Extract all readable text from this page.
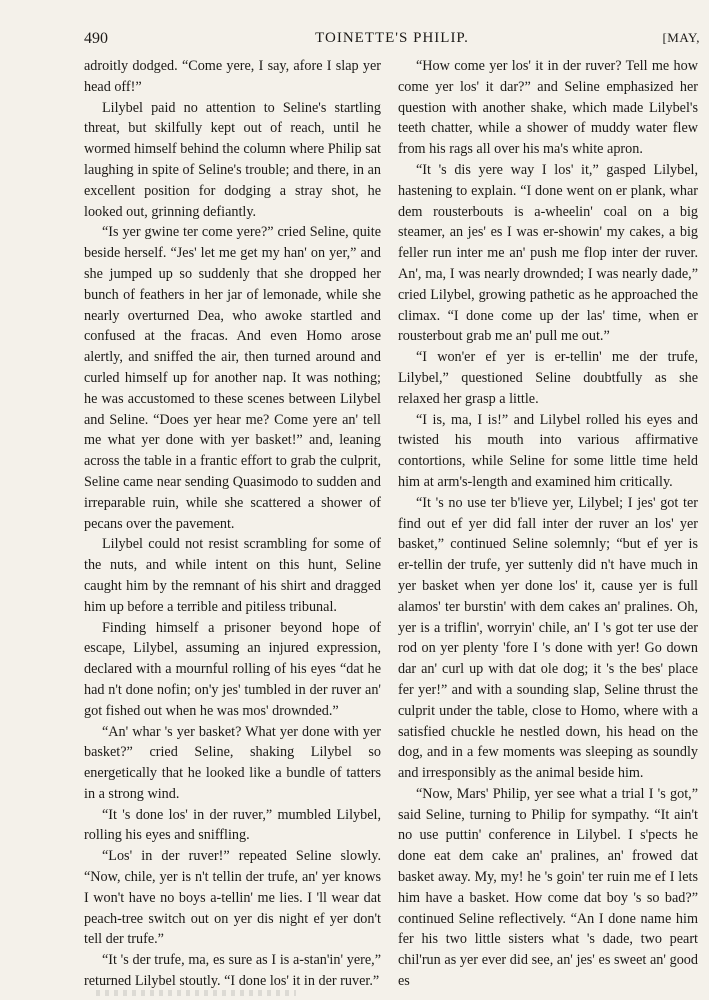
490	TOINETTE'S PHILIP.	[MAY,

adroitly dodged. “Come yere, I say, afore I slap yer head off!”

Lilybel paid no attention to Seline's startling threat, but skilfully kept out of reach, until he wormed himself behind the column where Philip sat laughing in spite of Seline's trouble; and there, in an excellent position for dodging a stray shot, he looked out, grinning defiantly.

“Is yer gwine ter come yere?” cried Seline, quite beside herself. “Jes' let me get my han' on yer,” and she jumped up so suddenly that she dropped her bunch of feathers in her jar of lemonade, while she nearly overturned Dea, who awoke startled and confused at the fracas. And even Homo arose alertly, and sniffed the air, then turned around and curled himself up for another nap. It was nothing; he was accustomed to these scenes between Lilybel and Seline. “Does yer hear me? Come yere an' tell me what yer done with yer basket!” and, leaning across the table in a frantic effort to grab the culprit, Seline came near sending Quasimodo to sudden and irreparable ruin, while she scattered a shower of pecans over the pavement.

Lilybel could not resist scrambling for some of the nuts, and while intent on this hunt, Seline caught him by the remnant of his shirt and dragged him up before a terrible and pitiless tribunal.

Finding himself a prisoner beyond hope of escape, Lilybel, assuming an injured expression, declared with a mournful rolling of his eyes “dat he had n't done nofin; on'y jes' tumbled in der ruver an' got fished out when he was mos' drownded.”

“An' whar 's yer basket? What yer done with yer basket?” cried Seline, shaking Lilybel so energetically that he looked like a bundle of tatters in a strong wind.

“It 's done los' in der ruver,” mumbled Lilybel, rolling his eyes and sniffling.

“Los' in der ruver!” repeated Seline slowly. “Now, chile, yer is n't tellin der trufe, an' yer knows I won't have no boys a-tellin' me lies. I 'll wear dat peach-tree switch out on yer dis night ef yer don't tell der trufe.”

“It 's der trufe, ma, es sure as I is a-stan'in' yere,” returned Lilybel stoutly. “I done los' it in der ruver.”

“How come yer los' it in der ruver? Tell me how come yer los' it dar?” and Seline emphasized her question with another shake, which made Lilybel's teeth chatter, while a shower of muddy water flew from his rags all over his ma's white apron.

“It 's dis yere way I los' it,” gasped Lilybel, hastening to explain. “I done went on er plank, whar dem rousterbouts is a-wheelin' coal on a big steamer, an jes' es I was er-showin' my cakes, a big feller run inter me an' push me flop inter der ruver. An', ma, I was nearly drownded; I was nearly dade,” cried Lilybel, growing pathetic as he approached the climax. “I done come up der las' time, when er rousterbout grab me an' pull me out.”

“I won'er ef yer is er-tellin' me der trufe, Lilybel,” questioned Seline doubtfully as she relaxed her grasp a little.

“I is, ma, I is!” and Lilybel rolled his eyes and twisted his mouth into various affirmative contortions, while Seline for some little time held him at arm's-length and examined him critically.

“It 's no use ter b'lieve yer, Lilybel; I jes' got ter find out ef yer did fall inter der ruver an los' yer basket,” continued Seline solemnly; “but ef yer is er-tellin der trufe, yer suttenly did n't have much in yer basket when yer done los' it, cause yer is full alamos' ter burstin' with dem cakes an' pralines. Oh, yer is a triflin', worryin' chile, an' I 's got ter use der rod on yer plenty 'fore I 's done with yer! Go down dar an' curl up with dat ole dog; it 's the bes' place fer yer!” and with a sounding slap, Seline thrust the culprit under the table, close to Homo, where with a satisfied chuckle he nestled down, his head on the dog, and in a few moments was sleeping as soundly and irresponsibly as the animal beside him.

“Now, Mars' Philip, yer see what a trial I 's got,” said Seline, turning to Philip for sympathy. “It ain't no use puttin' conference in Lilybel. I s'pects he done eat dem cake an' pralines, an' frowed dat basket away. My, my! he 's goin' ter ruin me ef I lets him have a basket. How come dat boy 's so bad?” continued Seline reflectively. “An I done name him fer his two little sisters what 's dade, two peart chil'run as yer ever did see, an' jes' es sweet an' good es
